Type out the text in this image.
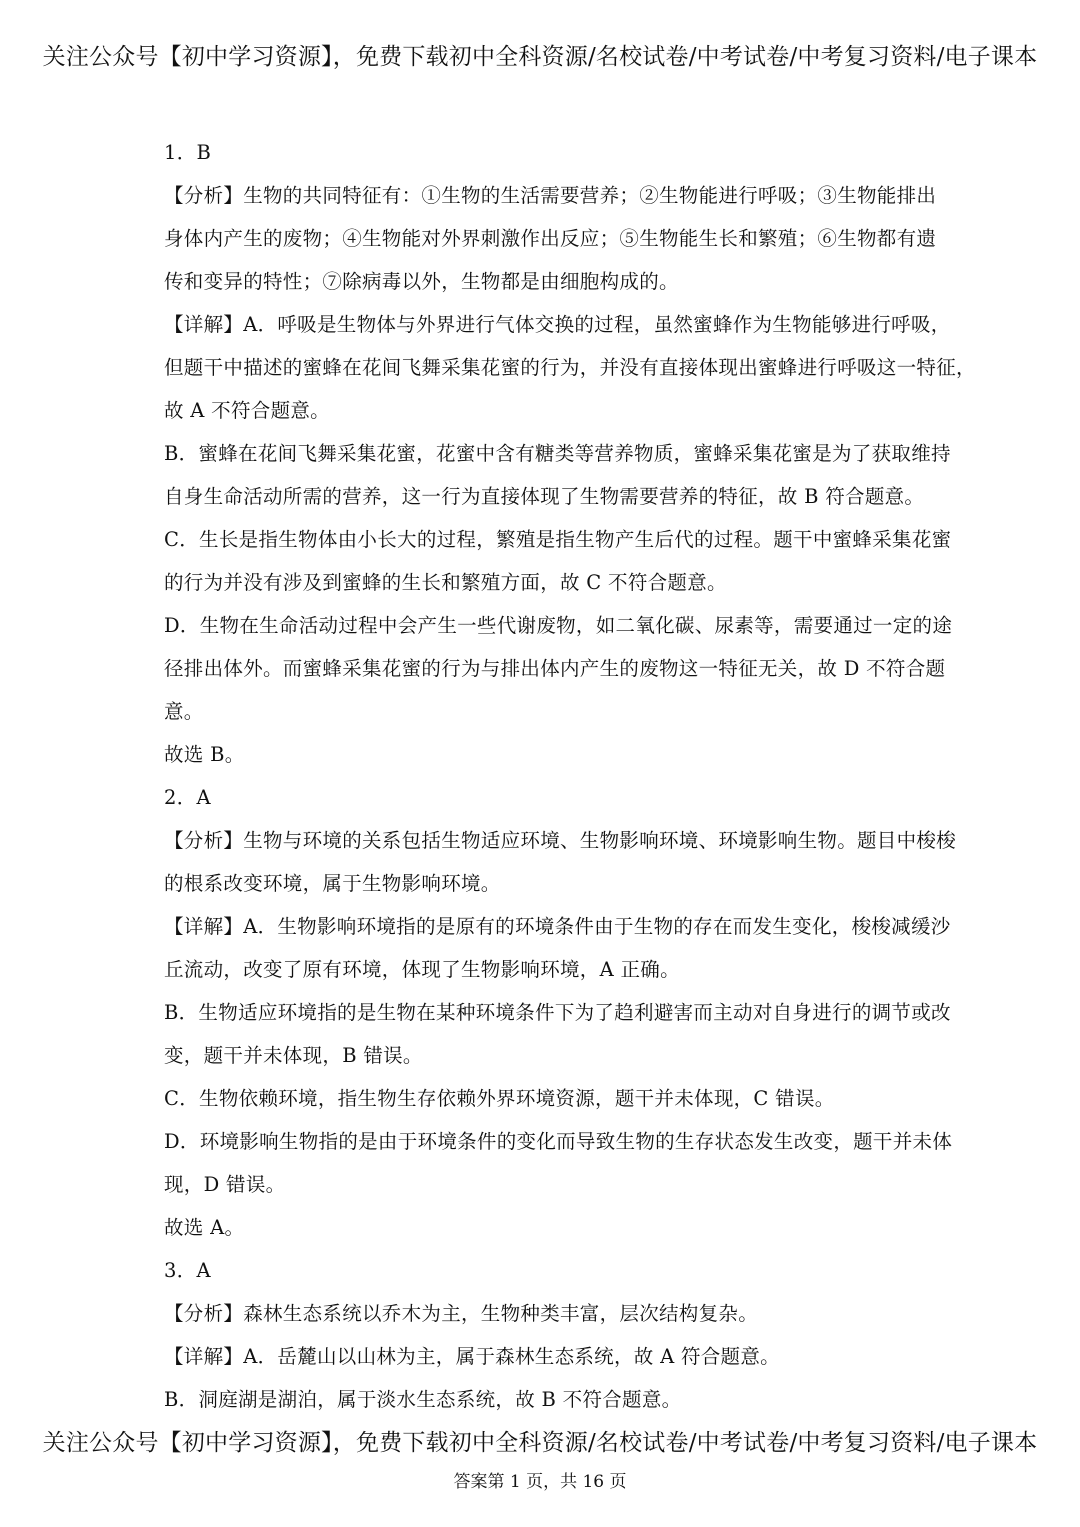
关注公众号【初中学习资源】，免费下载初中全科资源/名校试卷/中考试卷/中考复习资料/电子课本
1．B
【分析】生物的共同特征有：①生物的生活需要营养；②生物能进行呼吸；③生物能排出
身体内产生的废物；④生物能对外界刺激作出反应；⑤生物能生长和繁殖；⑥生物都有遗
传和变异的特性；⑦除病毒以外，生物都是由细胞构成的。
【详解】A．呼吸是生物体与外界进行气体交换的过程，虽然蜜蜂作为生物能够进行呼吸，
但题干中描述的蜜蜂在花间飞舞采集花蜜的行为，并没有直接体现出蜜蜂进行呼吸这一特征，
故 A 不符合题意。
B．蜜蜂在花间飞舞采集花蜜，花蜜中含有糖类等营养物质，蜜蜂采集花蜜是为了获取维持
自身生命活动所需的营养，这一行为直接体现了生物需要营养的特征，故 B 符合题意。
C．生长是指生物体由小长大的过程，繁殖是指生物产生后代的过程。题干中蜜蜂采集花蜜
的行为并没有涉及到蜜蜂的生长和繁殖方面，故 C 不符合题意。
D．生物在生命活动过程中会产生一些代谢废物，如二氧化碳、尿素等，需要通过一定的途
径排出体外。而蜜蜂采集花蜜的行为与排出体内产生的废物这一特征无关，故 D 不符合题
意。
故选 B。
2．A
【分析】生物与环境的关系包括生物适应环境、生物影响环境、环境影响生物。题目中梭梭
的根系改变环境，属于生物影响环境。
【详解】A．生物影响环境指的是原有的环境条件由于生物的存在而发生变化，梭梭减缓沙
丘流动，改变了原有环境，体现了生物影响环境，A 正确。
B．生物适应环境指的是生物在某种环境条件下为了趋利避害而主动对自身进行的调节或改
变，题干并未体现，B 错误。
C．生物依赖环境，指生物生存依赖外界环境资源，题干并未体现，C 错误。
D．环境影响生物指的是由于环境条件的变化而导致生物的生存状态发生改变，题干并未体
现，D 错误。
故选 A。
3．A
【分析】森林生态系统以乔木为主，生物种类丰富，层次结构复杂。
【详解】A．岳麓山以山林为主，属于森林生态系统，故 A 符合题意。
B．洞庭湖是湖泊，属于淡水生态系统，故 B 不符合题意。
关注公众号【初中学习资源】，免费下载初中全科资源/名校试卷/中考试卷/中考复习资料/电子课本
答案第 1 页，共 16 页
